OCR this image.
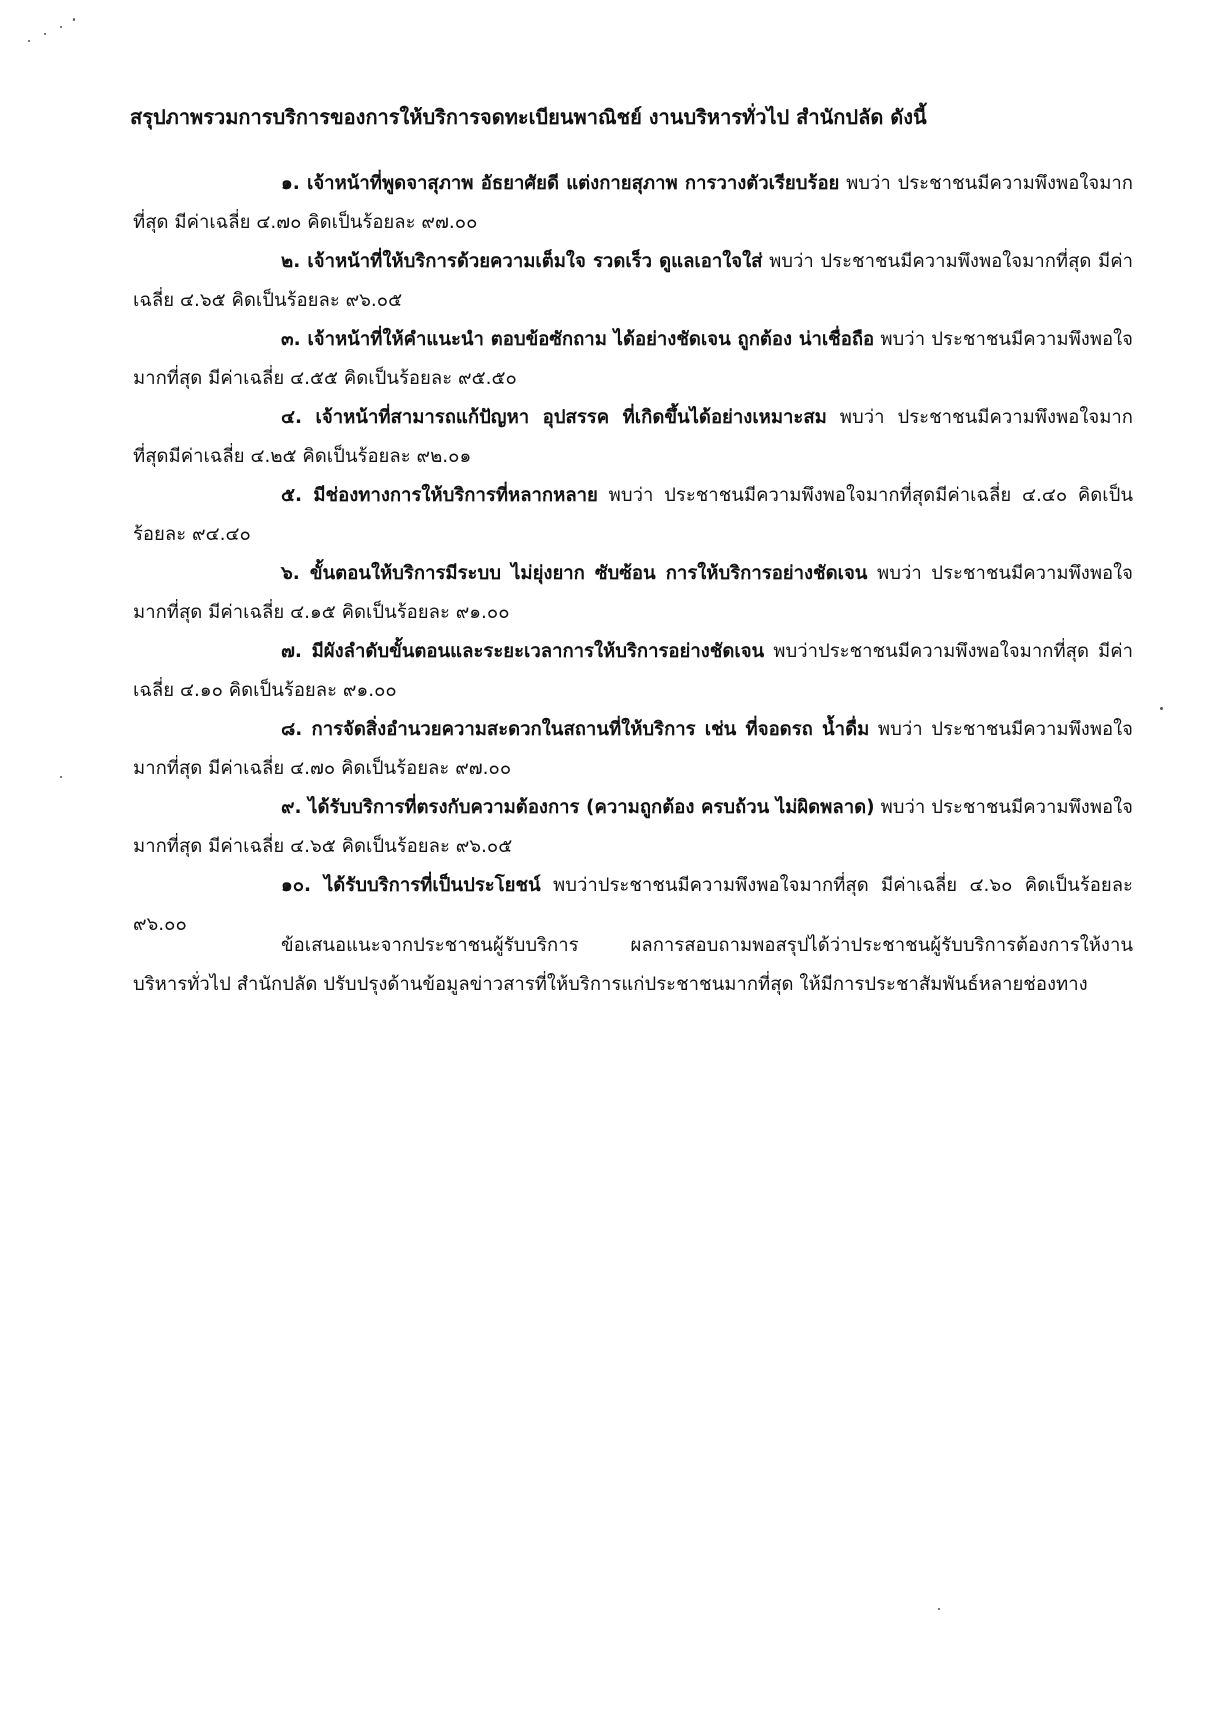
สรุปภาพรวมการบริการของการให้บริการจดทะเบียนพาณิชย์ งานบริหารทั่วไป สำนักปลัด ดังนี้

๑. เจ้าหน้าที่พูดจาสุภาพ อัธยาศัยดี แต่งกายสุภาพ การวางตัวเรียบร้อย พบว่า ประชาชนมีความพึงพอใจมากที่สุด มีค่าเฉลี่ย ๔.๗๐ คิดเป็นร้อยละ ๙๗.๐๐

๒. เจ้าหน้าที่ให้บริการด้วยความเต็มใจ รวดเร็ว ดูแลเอาใจใส่ พบว่า ประชาชนมีความพึงพอใจมากที่สุด มีค่าเฉลี่ย ๔.๖๕ คิดเป็นร้อยละ ๙๖.๐๕

๓. เจ้าหน้าที่ให้คำแนะนำ ตอบข้อซักถาม ได้อย่างชัดเจน ถูกต้อง น่าเชื่อถือ พบว่า ประชาชนมีความพึงพอใจ มากที่สุด มีค่าเฉลี่ย ๔.๕๕ คิดเป็นร้อยละ ๙๕.๕๐

๔. เจ้าหน้าที่สามารถแก้ปัญหา อุปสรรค ที่เกิดขึ้นได้อย่างเหมาะสม พบว่า ประชาชนมีความพึงพอใจมากที่สุดมีค่าเฉลี่ย ๔.๒๕ คิดเป็นร้อยละ ๙๒.๐๑

๕. มีช่องทางการให้บริการที่หลากหลาย พบว่า ประชาชนมีความพึงพอใจมากที่สุดมีค่าเฉลี่ย ๔.๔๐ คิดเป็นร้อยละ ๙๔.๔๐

๖. ขั้นตอนให้บริการมีระบบ ไม่ยุ่งยาก ซับซ้อน การให้บริการอย่างชัดเจน พบว่า ประชาชนมีความพึงพอใจมากที่สุด มีค่าเฉลี่ย ๔.๑๕ คิดเป็นร้อยละ ๙๑.๐๐

๗. มีผังลำดับขั้นตอนและระยะเวลาการให้บริการอย่างชัดเจน พบว่าประชาชนมีความพึงพอใจมากที่สุด มีค่าเฉลี่ย ๔.๑๐ คิดเป็นร้อยละ ๙๑.๐๐

๘. การจัดสิ่งอำนวยความสะดวกในสถานที่ให้บริการ เช่น ที่จอดรถ น้ำดื่ม พบว่า ประชาชนมีความพึงพอใจมากที่สุด มีค่าเฉลี่ย ๔.๗๐ คิดเป็นร้อยละ ๙๗.๐๐

๙. ได้รับบริการที่ตรงกับความต้องการ (ความถูกต้อง ครบถ้วน ไม่ผิดพลาด) พบว่า ประชาชนมีความพึงพอใจมากที่สุด มีค่าเฉลี่ย ๔.๖๕ คิดเป็นร้อยละ ๙๖.๐๕

๑๐. ได้รับบริการที่เป็นประโยชน์ พบว่าประชาชนมีความพึงพอใจมากที่สุด มีค่าเฉลี่ย ๔.๖๐ คิดเป็นร้อยละ ๙๖.๐๐

ข้อเสนอแนะจากประชาชนผู้รับบริการ ผลการสอบถามพอสรุปได้ว่าประชาชนผู้รับบริการต้องการให้งานบริหารทั่วไป สำนักปลัด ปรับปรุงด้านข้อมูลข่าวสารที่ให้บริการแก่ประชาชนมากที่สุด ให้มีการประชาสัมพันธ์หลายช่องทาง
